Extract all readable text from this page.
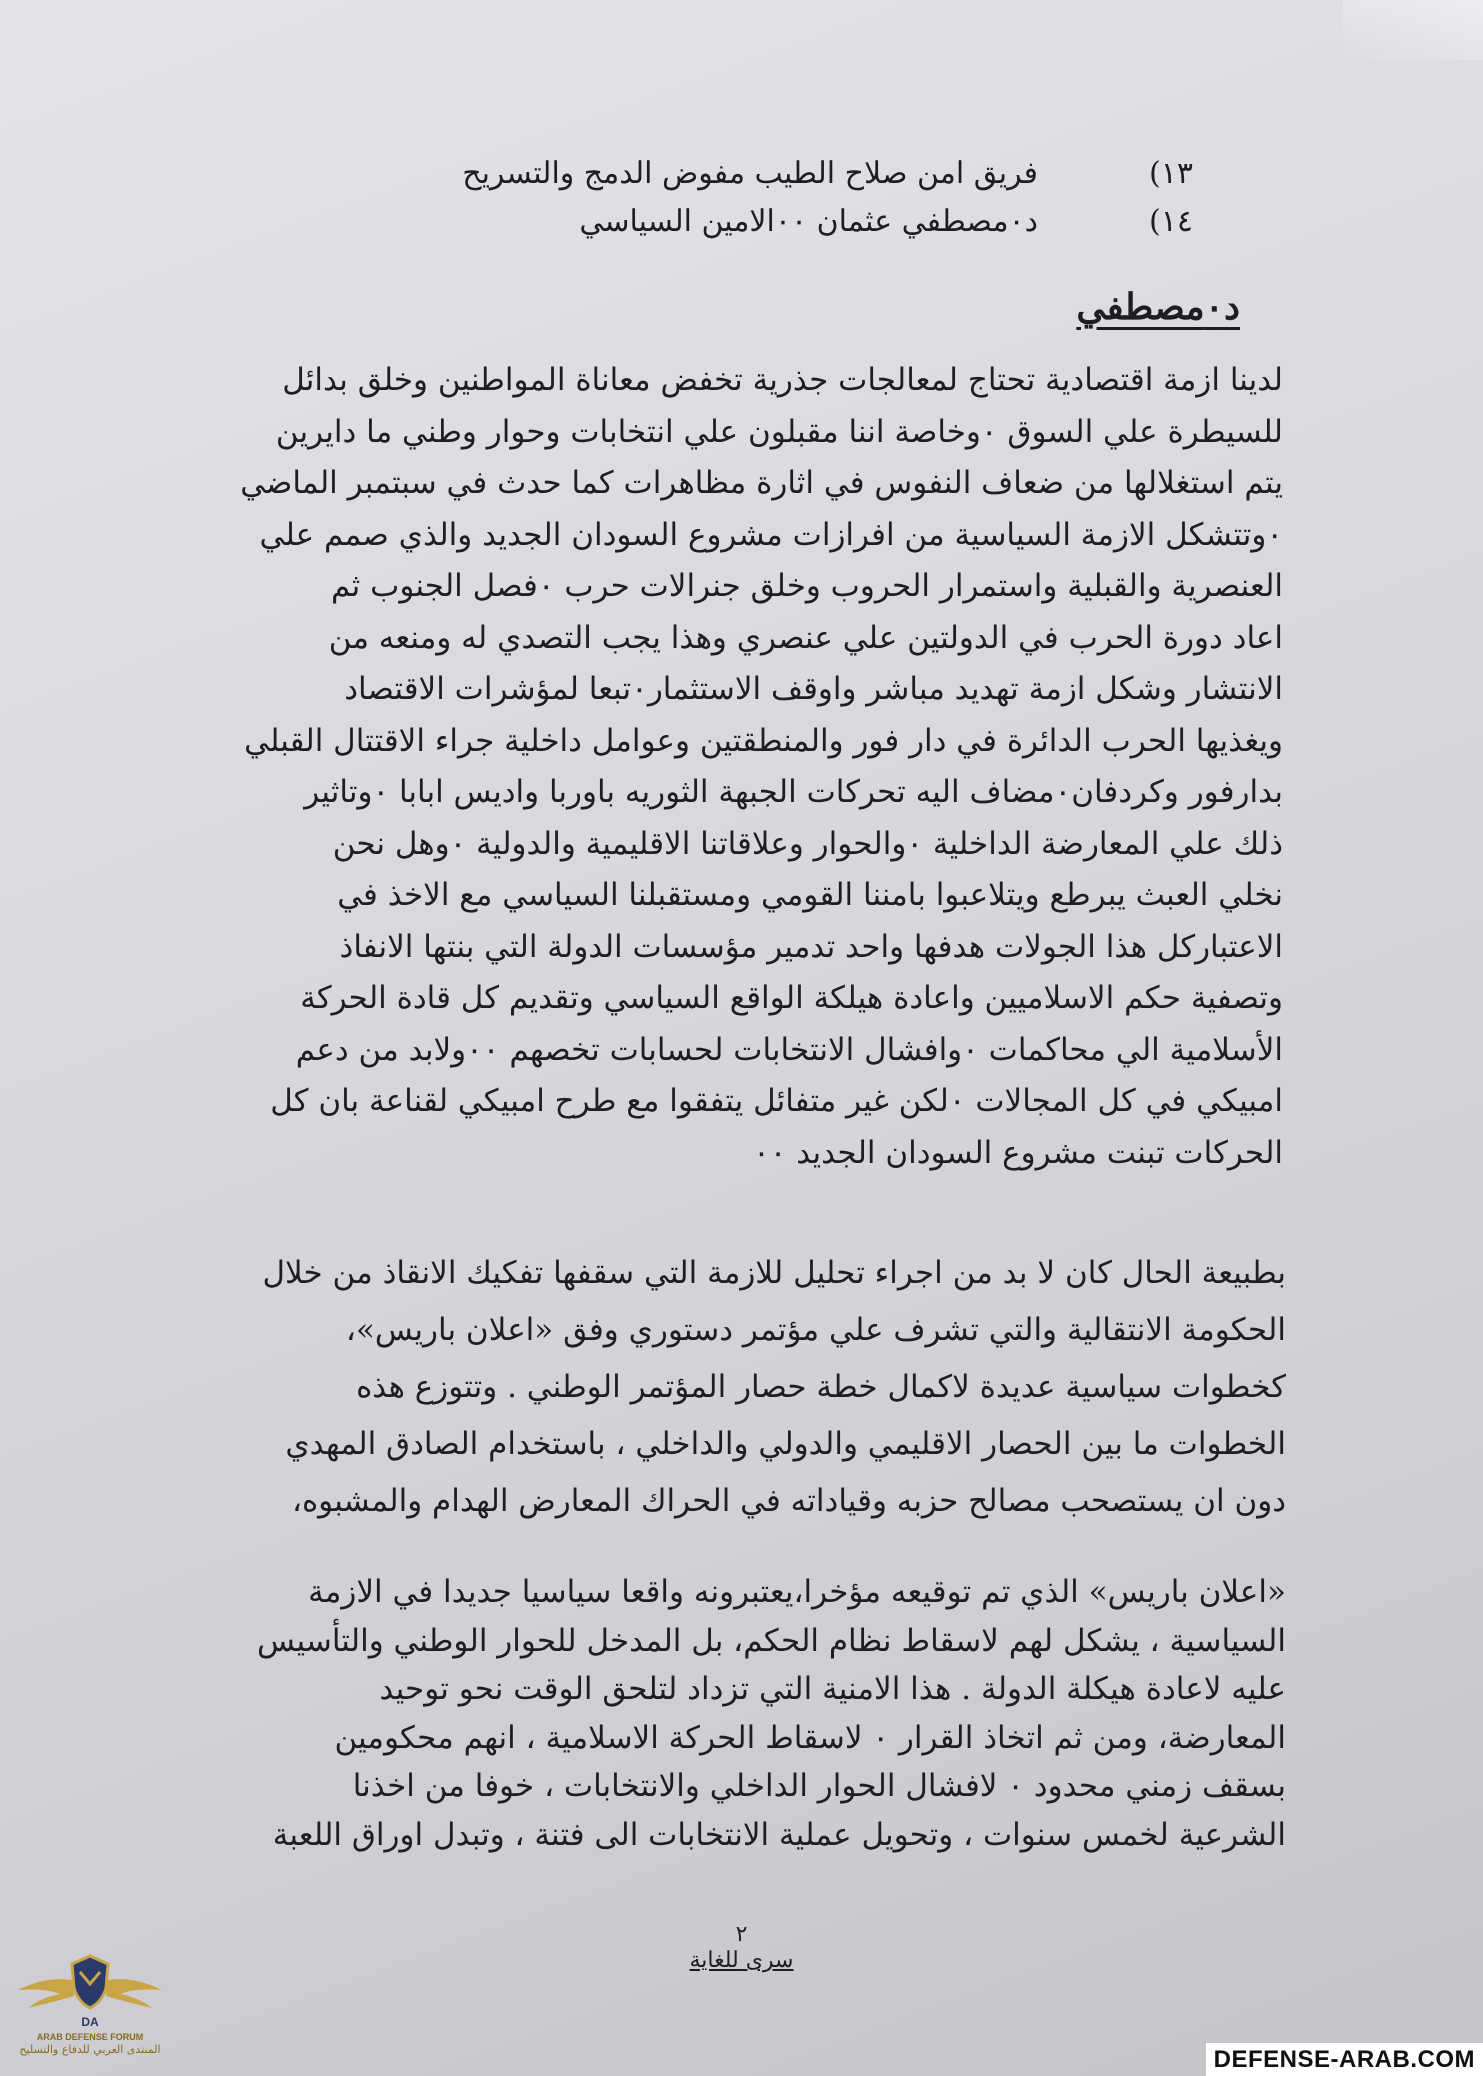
١٣)
فريق امن صلاح الطيب مفوض الدمج والتسريح
١٤)
د٠مصطفي عثمان ٠٠الامين السياسي
د٠مصطفي
لدينا ازمة اقتصادية تحتاج لمعالجات جذرية تخفض معاناة المواطنين وخلق بدائل
للسيطرة علي السوق ٠وخاصة اننا مقبلون علي انتخابات وحوار وطني ما دايرين
يتم استغلالها من ضعاف النفوس في اثارة مظاهرات كما حدث في سبتمبر الماضي
٠وتتشكل الازمة السياسية من افرازات مشروع السودان الجديد والذي صمم علي
العنصرية والقبلية واستمرار الحروب وخلق جنرالات حرب ٠فصل الجنوب ثم
اعاد دورة الحرب في الدولتين علي عنصري وهذا يجب التصدي له ومنعه من
الانتشار وشكل ازمة تهديد مباشر واوقف الاستثمار٠تبعا لمؤشرات الاقتصاد
ويغذيها الحرب الدائرة في دار فور والمنطقتين وعوامل داخلية جراء الاقتتال القبلي
بدارفور وكردفان٠مضاف اليه تحركات الجبهة الثوريه باوربا واديس ابابا ٠وتاثير
ذلك علي المعارضة الداخلية ٠والحوار وعلاقاتنا الاقليمية والدولية ٠وهل نحن
نخلي العبث يبرطع ويتلاعبوا بامننا القومي ومستقبلنا السياسي مع الاخذ في
الاعتباركل هذا الجولات هدفها واحد تدمير مؤسسات الدولة التي بنتها الانفاذ
وتصفية حكم الاسلاميين واعادة هيلكة الواقع السياسي وتقديم كل قادة الحركة
الأسلامية الي محاكمات ٠وافشال الانتخابات لحسابات تخصهم ٠٠ولابد من دعم
امبيكي في كل المجالات ٠لكن غير متفائل يتفقوا مع طرح امبيكي لقناعة بان كل
الحركات تبنت مشروع السودان الجديد ٠٠
بطبيعة الحال كان لا بد من اجراء تحليل للازمة التي سقفها تفكيك الانقاذ من خلال
الحكومة الانتقالية والتي تشرف علي مؤتمر دستوري وفق «اعلان باريس»،
كخطوات سياسية عديدة لاكمال خطة حصار المؤتمر الوطني . وتتوزع هذه
الخطوات ما بين الحصار الاقليمي والدولي والداخلي ، باستخدام الصادق المهدي
دون ان يستصحب مصالح حزبه وقياداته في الحراك المعارض الهدام والمشبوه،
«اعلان باريس» الذي تم توقيعه مؤخرا،يعتبرونه واقعا سياسيا جديدا في الازمة
السياسية ، يشكل لهم لاسقاط نظام الحكم، بل المدخل للحوار الوطني والتأسيس
عليه لاعادة هيكلة الدولة . هذا الامنية التي تزداد لتلحق الوقت نحو توحيد
المعارضة، ومن ثم اتخاذ القرار ٠ لاسقاط الحركة الاسلامية ، انهم محكومين
بسقف زمني محدود ٠ لافشال الحوار الداخلي والانتخابات ، خوفا من اخذنا
الشرعية لخمس سنوات ، وتحويل عملية الانتخابات الى فتنة ، وتبدل اوراق اللعبة
٢
سرى للغاية
DA
ARAB DEFENSE FORUM
المنتدى العربي للدفاع والتسليح	DEFENSE-ARAB.COM
